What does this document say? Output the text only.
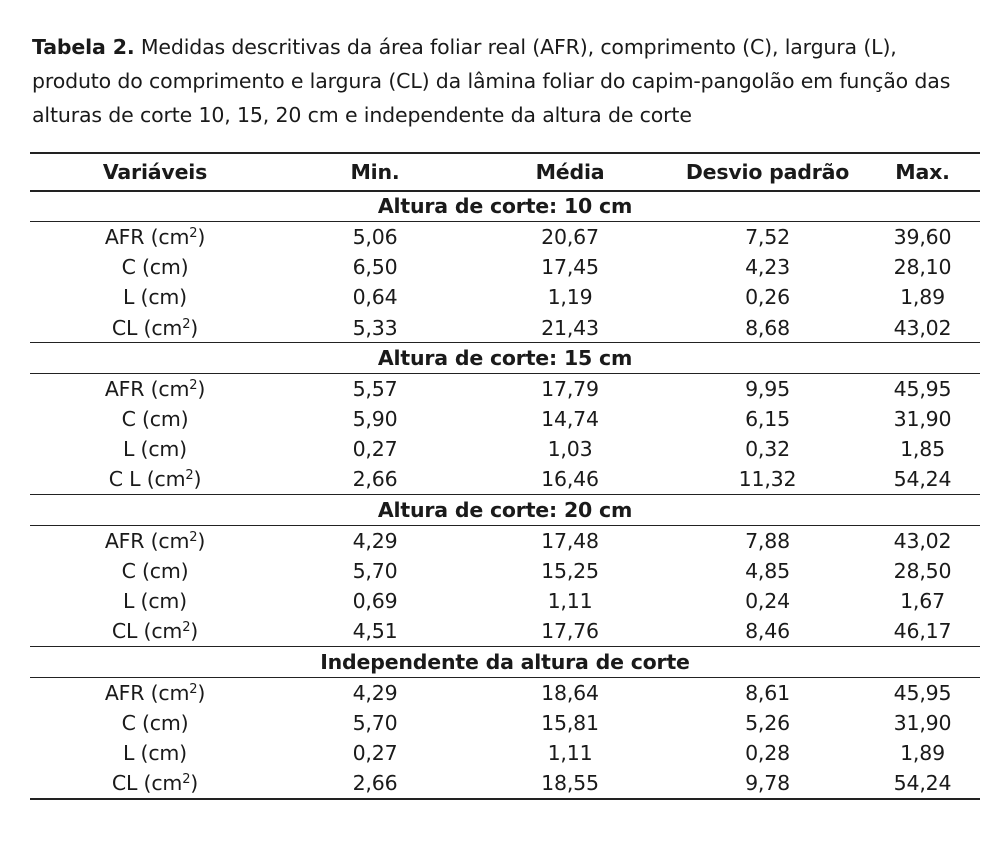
Tabela 2. Medidas descritivas da área foliar real (AFR), comprimento (C), largura (L), produto do comprimento e largura (CL) da lâmina foliar do capim-pangolão em função das alturas de corte 10, 15, 20 cm e independente da altura de corte
Variáveis	Min.	Média	Desvio padrão	Max.
Altura de corte: 10 cm				
AFR $(cm^2)$	5,06	20,67	7,52	39,60
C (cm)	6,50	17,45	4,23	28,10
L (cm)	0,64	1,19	0,26	1,89
CL $(cm^2)$	5,33	21,43	8,68	43,02
Altura de corte: 15 cm				
AFR $(cm^2)$	5,57	17,79	9,95	45,95
C (cm)	5,90	14,74	6,15	31,90
L (cm)	0,27	1,03	0,32	1,85
C L $(cm^2)$	2,66	16,46	11,32	54,24
Altura de corte: 20 cm				
AFR $(cm^2)$	4,29	17,48	7,88	43,02
C (cm)	5,70	15,25	4,85	28,50
L (cm)	0,69	1,11	0,24	1,67
CL $(cm^2)$	4,51	17,76	8,46	46,17
Independente da altura de corte				
AFR $(cm^2)$	4,29	18,64	8,61	45,95
C (cm)	5,70	15,81	5,26	31,90
L (cm)	0,27	1,11	0,28	1,89
CL $(cm^2)$	2,66	18,55	9,78	54,24
